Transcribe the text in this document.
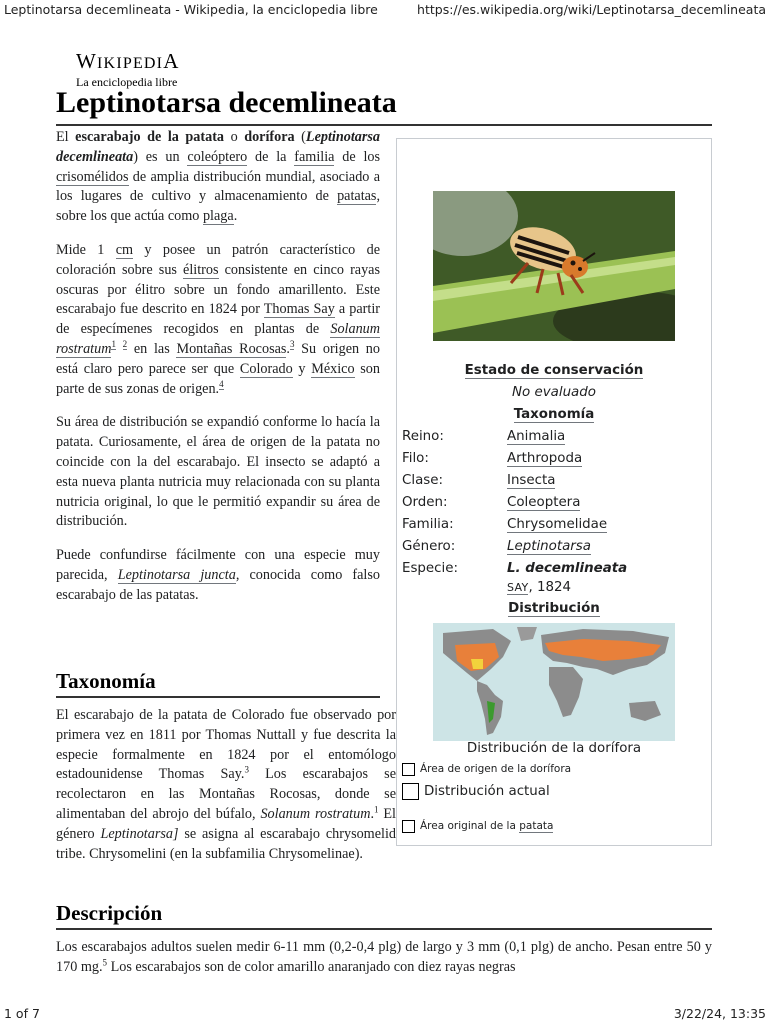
Leptinotarsa decemlineata - Wikipedia, la enciclopedia libre	https://es.wikipedia.org/wiki/Leptinotarsa_decemlineata
WIKIPEDIA
La enciclopedia libre
Leptinotarsa decemlineata

El escarabajo de la patata o dorífora (Leptinotarsa decemlineata) es un coleóptero de la familia de los crisomélidos de amplia distribución mundial, asociado a los lugares de cultivo y almacenamiento de patatas, sobre los que actúa como plaga.

Mide 1 cm y posee un patrón característico de coloración sobre sus élitros consistente en cinco rayas oscuras por élitro sobre un fondo amarillento. Este escarabajo fue descrito en 1824 por Thomas Say a partir de especímenes recogidos en plantas de Solanum rostratum$^1$ $^2$ en las Montañas Rocosas.$^3$ Su origen no está claro pero parece ser que Colorado y México son parte de sus zonas de origen.$^4$

Su área de distribución se expandió conforme lo hacía la patata. Curiosamente, el área de origen de la patata no coincide con la del escarabajo. El insecto se adaptó a esta nueva planta nutricia muy relacionada con su planta nutricia original, lo que le permitió expandir su área de distribución.

Puede confundirse fácilmente con una especie muy parecida, Leptinotarsa juncta, conocida como falso escarabajo de las patatas.

Taxonomía

El escarabajo de la patata de Colorado fue observado por primera vez en 1811 por Thomas Nuttall y fue descrita la especie formalmente en 1824 por el entomólogo estadounidense Thomas Say.$^3$ Los escarabajos se recolectaron en las Montañas Rocosas, donde se alimentaban del abrojo del búfalo, Solanum rostratum.$^1$ El género Leptinotarsa] se asigna al escarabajo chrysomelid tribe. Chrysomelini (en la subfamilia Chrysomelinae).

Descripción

Los escarabajos adultos suelen medir 6-11 mm (0,2-0,4 plg) de largo y 3 mm (0,1 plg) de ancho. Pesan entre 50 y 170 mg.$^5$ Los escarabajos son de color amarillo anaranjado con diez rayas negras

Estado de conservación
No evaluado
Taxonomía
Reino:	Animalia
Filo:	Arthropoda
Clase:	Insecta
Orden:	Coleoptera
Familia:	Chrysomelidae
Género:	Leptinotarsa
Especie:	L. decemlineata
SAY, 1824
Distribución
Distribución de la dorífora
Área de origen de la dorífora
Distribución actual
Área original de la patata
1 of 7	3/22/24, 13:35
